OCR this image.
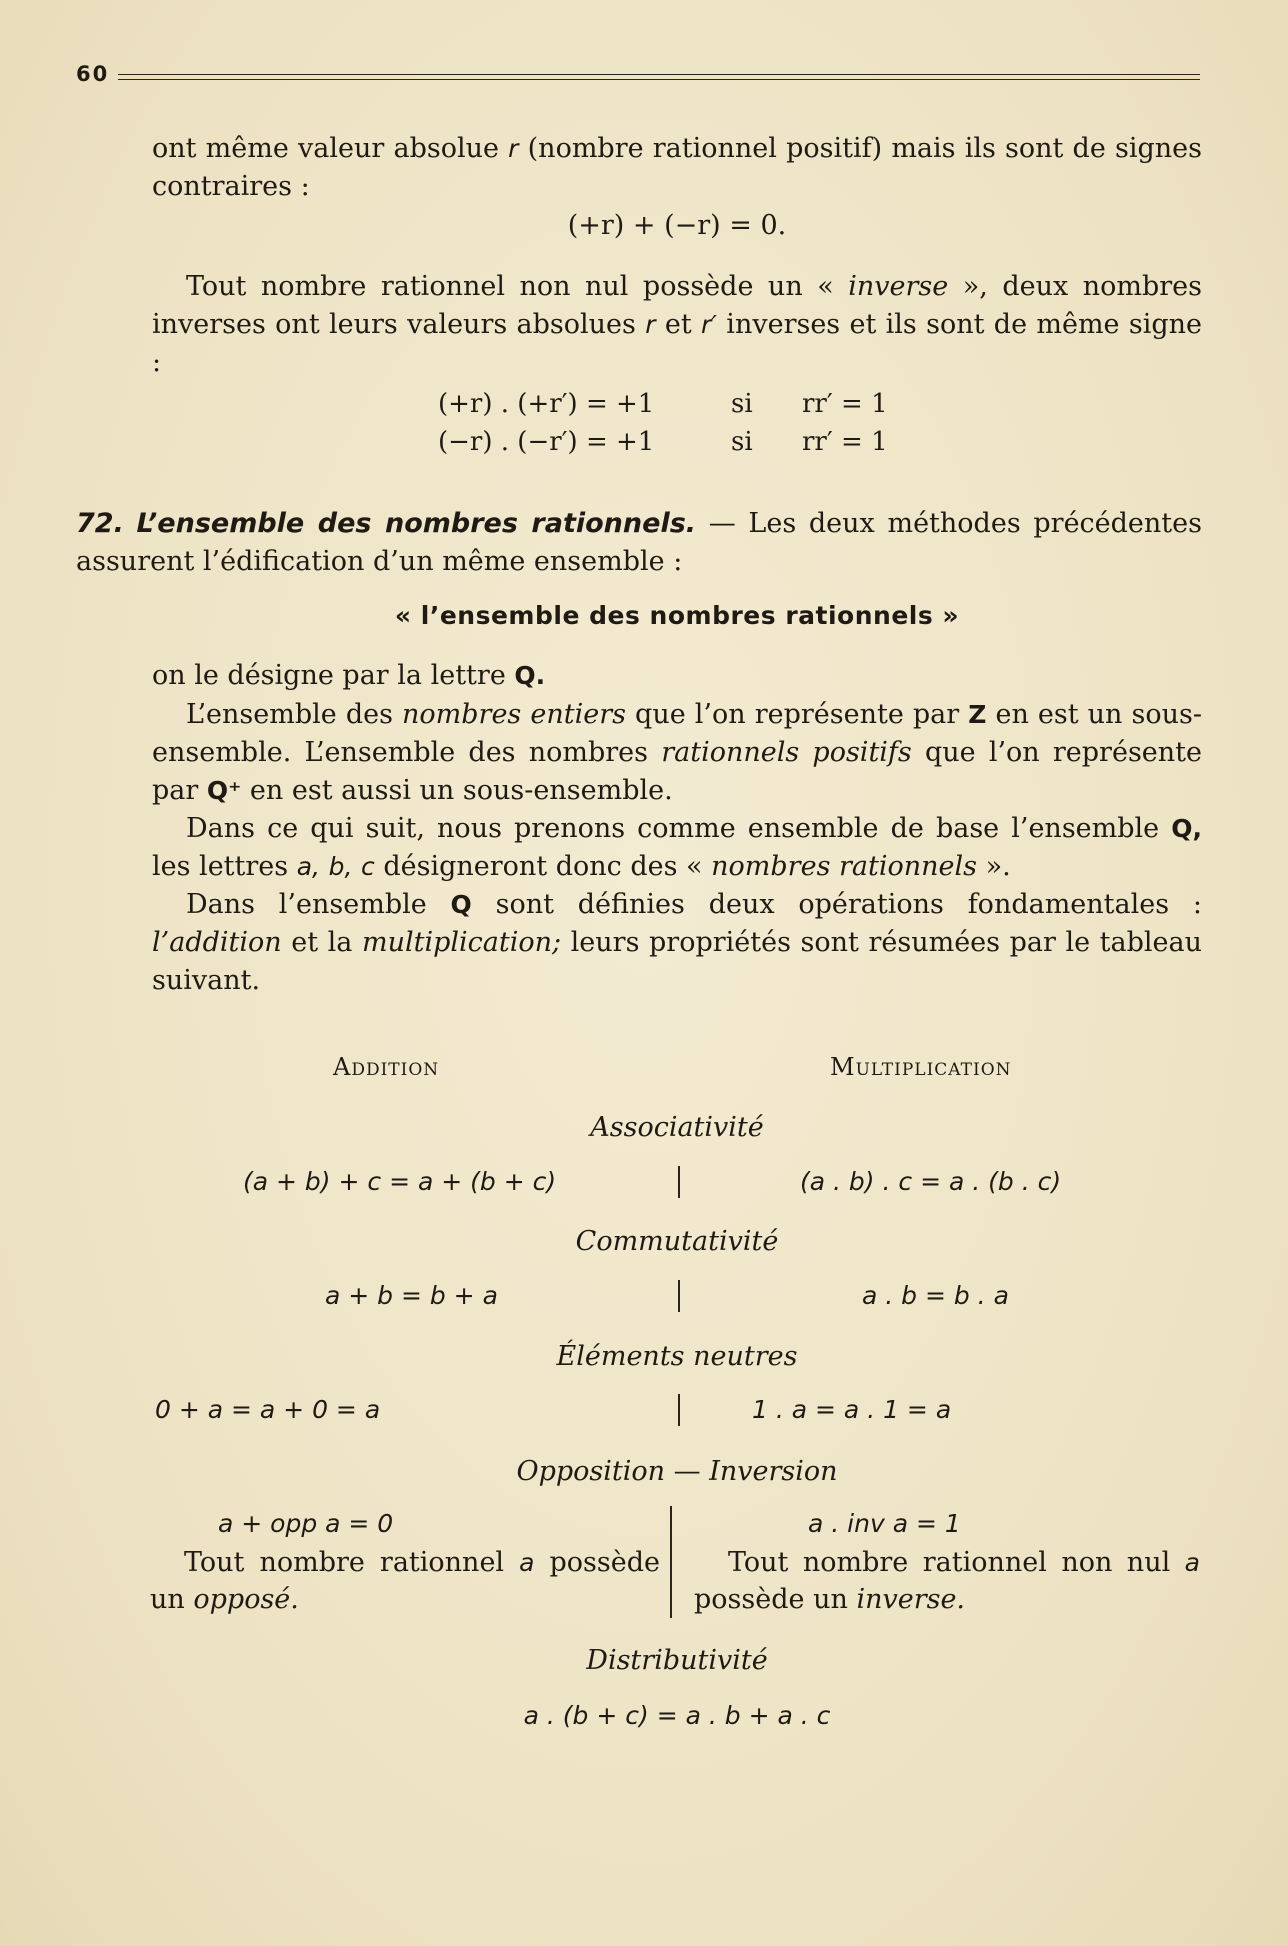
60
ont même valeur absolue r (nombre rationnel positif) mais ils sont de signes contraires :
(+r) + (−r) = 0.
Tout nombre rationnel non nul possède un « inverse », deux nombres inverses ont leurs valeurs absolues r et r′ inverses et ils sont de même signe :
(+r) . (+r′) = +1	si rr′ = 1
(−r) . (−r′) = +1	si rr′ = 1
72. L’ensemble des nombres rationnels. — Les deux méthodes précédentes assurent l’édification d’un même ensemble :
« l’ensemble des nombres rationnels »
on le désigne par la lettre Q.
L’ensemble des nombres entiers que l’on représente par Z en est un sous-ensemble. L’ensemble des nombres rationnels positifs que l’on représente par Q⁺ en est aussi un sous-ensemble.
Dans ce qui suit, nous prenons comme ensemble de base l’ensemble Q, les lettres a, b, c désigneront donc des « nombres rationnels ».
Dans l’ensemble Q sont définies deux opérations fondamentales : l’addition et la multiplication; leurs propriétés sont résumées par le tableau suivant.
Addition	Multiplication
Associativité
(a + b) + c = a + (b + c)	(a . b) . c = a . (b . c)
Commutativité
a + b = b + a	a . b = b . a
Éléments neutres
0 + a = a + 0 = a	1 . a = a . 1 = a
Opposition — Inversion
a + opp a = 0	a . inv a = 1
Tout nombre rationnel a possède un opposé.
Tout nombre rationnel non nul a possède un inverse.
Distributivité
a . (b + c) = a . b + a . c
